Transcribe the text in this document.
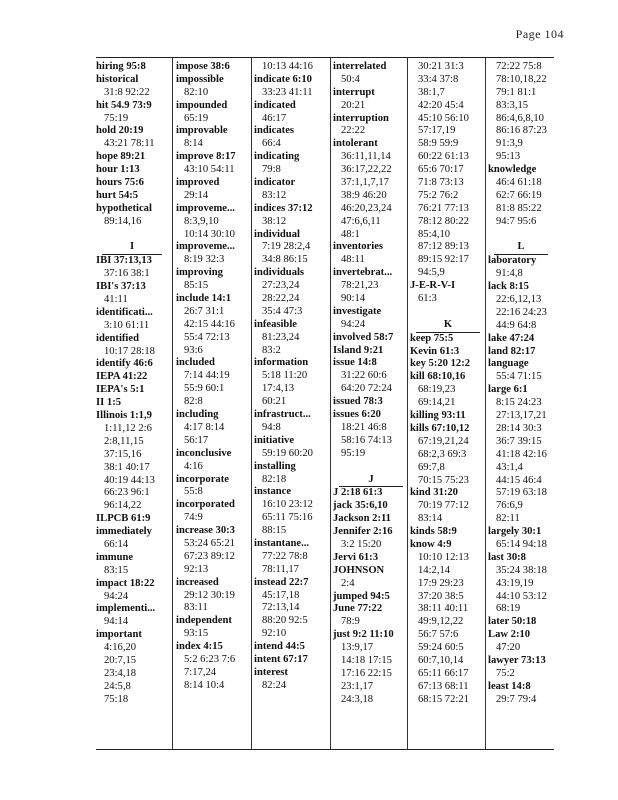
Page 104
hiring 95:8
historical
31:8 92:22
hit 54.9 73:9
75:19
hold 20:19
43:21 78:11
hope 89:21
hour 1:13
hours 75:6
hurt 54:5
hypothetical
89:14,16
I
IBI 37:13,13
37:16 38:1
IBI's 37:13
41:11
identificati...
3:10 61:11
identified
10:17 28:18
identify 46:6
IEPA 41:22
IEPA's 5:1
II 1:5
Illinois 1:1,9
1:11,12 2:6
2:8,11,15
37:15,16
38:1 40:17
40:19 44:13
66:23 96:1
96:14,22
ILPCB 61:9
immediately
66:14
immune
83:15
impact 18:22
94:24
implementi...
94:14
important
4:16,20
20:7,15
23:4,18
24:5,8
75:18
impose 38:6
impossible
82:10
impounded
65:19
improvable
8:14
improve 8:17
43:10 54:11
improved
29:14
improveme...
8:3,9,10
10:14 30:10
improveme...
8:19 32:3
improving
85:15
include 14:1
26:7 31:1
42:15 44:16
55:4 72:13
93:6
included
7:14 44:19
55:9 60:1
82:8
including
4:17 8:14
56:17
inconclusive
4:16
incorporate
55:8
incorporated
74:9
increase 30:3
53:24 65:21
67:23 89:12
92:13
increased
29:12 30:19
83:11
independent
93:15
index 4:15
5:2 6:23 7:6
7:17,24
8:14 10:4
10:13 44:16
indicate 6:10
33:23 41:11
indicated
46:17
indicates
66:4
indicating
79:8
indicator
83:12
indices 37:12
38:12
individual
7:19 28:2,4
34:8 86:15
individuals
27:23,24
28:22,24
35:4 47:3
infeasible
81:23,24
83:2
information
5:18 11:20
17:4,13
60:21
infrastruct...
94:8
initiative
59:19 60:20
installing
82:18
instance
16:10 23:12
65:11 75:16
88:15
instantane...
77:22 78:8
78:11,17
instead 22:7
45:17,18
72:13,14
88:20 92:5
92:10
intend 44:5
intent 67:17
interest
82:24
interrelated
50:4
interrupt
20:21
interruption
22:22
intolerant
36:11,11,14
36:17,22,22
37:1,1,7,17
38:9 46:20
46:20,23,24
47:6,6,11
48:1
inventories
48:11
invertebrat...
78:21,23
90:14
investigate
94:24
involved 58:7
Island 9:21
issue 14:8
31:22 60:6
64:20 72:24
issued 78:3
issues 6:20
18:21 46:8
58:16 74:13
95:19
J
J 2:18 61:3
jack 35:6,10
Jackson 2:11
Jennifer 2:16
3:2 15:20
Jervi 61:3
JOHNSON
2:4
jumped 94:5
June 77:22
78:9
just 9:2 11:10
13:9,17
14:18 17:15
17:16 22:15
23:1,17
24:3,18
30:21 31:3
33:4 37:8
38:1,7
42:20 45:4
45:10 56:10
57:17,19
58:9 59:9
60:22 61:13
65:6 70:17
71:8 73:13
75:2 76:2
76:21 77:13
78:12 80:22
85:4,10
87:12 89:13
89:15 92:17
94:5,9
J-E-R-V-I
61:3
K
keep 75:5
Kevin 61:3
key 5:20 12:2
kill 68:10,16
68:19,23
69:14,21
killing 93:11
kills 67:10,12
67:19,21,24
68:2,3 69:3
69:7,8
70:15 75:23
kind 31:20
70:19 77:12
83:14
kinds 58:9
know 4:9
10:10 12:13
14:2,14
17:9 29:23
37:20 38:5
38:11 40:11
49:9,12,22
56:7 57:6
59:24 60:5
60:7,10,14
65:11 66:17
67:13 68:11
68:15 72:21
72:22 75:8
78:10,18,22
79:1 81:1
83:3,15
86:4,6,8,10
86:16 87:23
91:3,9
95:13
knowledge
46:4 61:18
62:7 66:19
81:8 85:22
94:7 95:6
L
laboratory
91:4,8
lack 8:15
22:6,12,13
22:16 24:23
44:9 64:8
lake 47:24
land 82:17
language
55:4 71:15
large 6:1
8:15 24:23
27:13,17,21
28:14 30:3
36:7 39:15
41:18 42:16
43:1,4
44:15 46:4
57:19 63:18
76:6,9
82:11
largely 30:1
65:14 94:18
last 30:8
35:24 38:18
43:19,19
44:10 53:12
68:19
later 50:18
Law 2:10
47:20
lawyer 73:13
75:2
least 14:8
29:7 79:4
